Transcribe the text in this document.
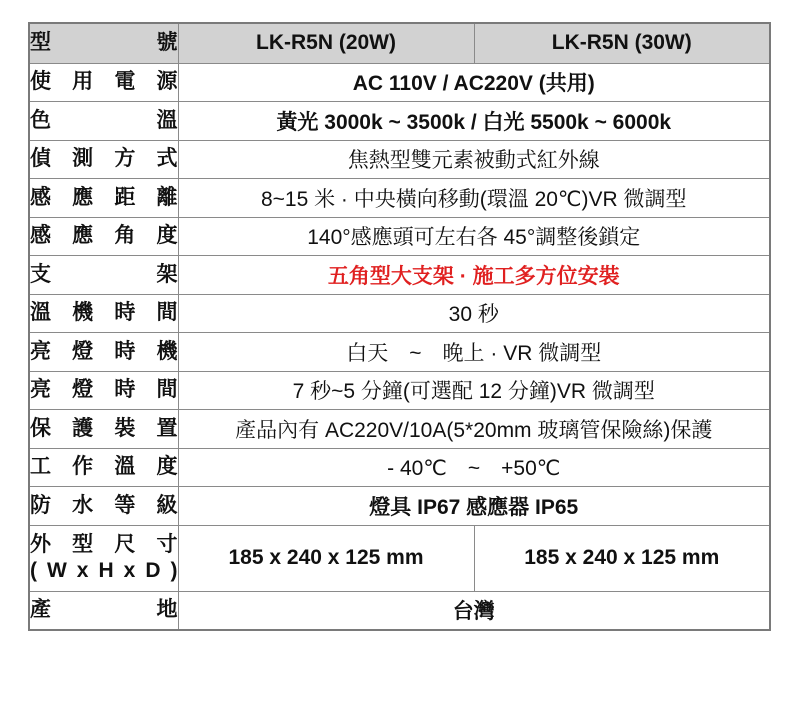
型 號	LK-R5N (20W)	LK-R5N (30W)

使 用 電 源	AC 110V / AC220V (共用)	

色 溫	黃光 3000k ~ 3500k / 白光 5500k ~ 6000k	

偵 測 方 式	焦熱型雙元素被動式紅外線	

感 應 距 離	8~15 米 · 中央橫向移動(環溫 20℃)VR 微調型	

感 應 角 度	140°感應頭可左右各 45°調整後鎖定	

支 架	五角型大支架 · 施工多方位安裝	

溫 機 時 間	30 秒	

亮 燈 時 機	白天　~　晚上 · VR 微調型	

亮 燈 時 間	7 秒~5 分鐘(可選配 12 分鐘)VR 微調型	

保 護 裝 置	產品內有 AC220V/10A(5*20mm 玻璃管保險絲)保護	

工 作 溫 度	- 40℃　~　+50℃	

防 水 等 級	燈具 IP67 感應器 IP65	

外 型 尺 寸
( W x H x D )	185 x 240 x 125 mm	185 x 240 x 125 mm

產 地	台灣	
